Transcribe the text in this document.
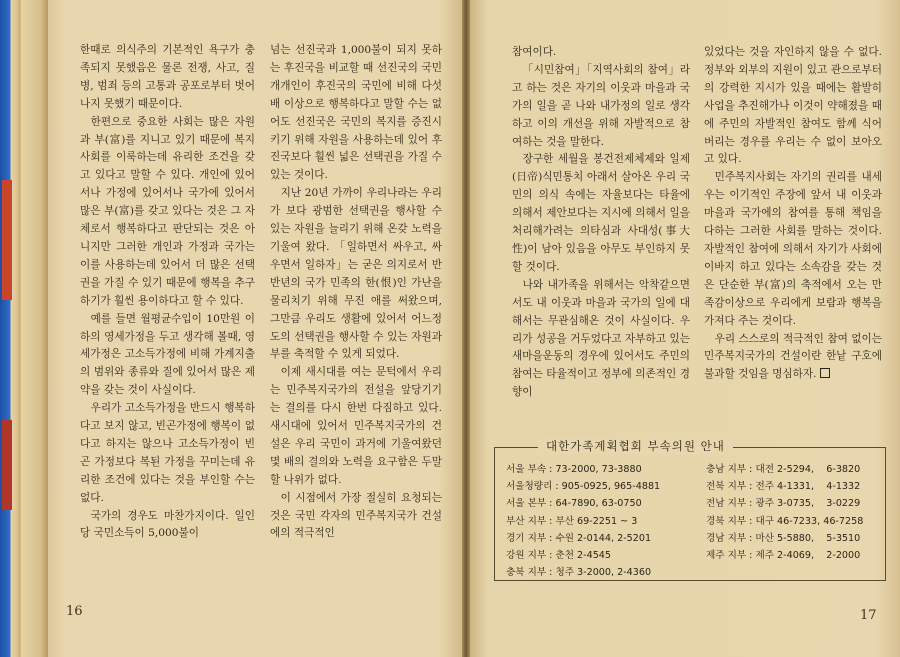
한때로 의식주의 기본적인 욕구가 충족되지 못했음은 물론 전쟁, 사고, 질병, 범죄 등의 고통과 공포로부터 벗어 나지 못했기 때문이다.

한편으로 중요한 사회는 많은 자원과 부(富)를 지니고 있기 때문에 복지사회를 이룩하는데 유리한 조건을 갖고 있다고 말할 수 있다. 개인에 있어서나 가정에 있어서나 국가에 있어서 많은 부(富)를 갖고 있다는 것은 그 자체로서 행복하다고 판단되는 것은 아니지만 그러한 개인과 가정과 국가는 이를 사용하는데 있어서 더 많은 선택권을 가질 수 있기 때문에 행복을 추구하기가 훨씬 용이하다고 할 수 있다.

예를 들면 월평균수입이 10만원 이하의 영세가정을 두고 생각해 볼때, 영세가정은 고소득가정에 비해 가계지출의 범위와 종류와 질에 있어서 많은 제약을 갖는 것이 사실이다.

우리가 고소득가정을 반드시 행복하다고 보지 않고, 빈곤가정에 행복이 없다고 하지는 않으나 고소득가정이 빈곤 가정보다 복된 가정을 꾸미는데 유리한 조건에 있다는 것을 부인할 수는 없다.

국가의 경우도 마찬가지이다. 일인당 국민소득이 5,000불이

넘는 선진국과 1,000불이 되지 못하는 후진국을 비교할 때 선진국의 국민 개개인이 후진국의 국민에 비해 다섯배 이상으로 행복하다고 말할 수는 없어도 선진국은 국민의 복지를 증진시키기 위해 자원을 사용하는데 있어 후진국보다 훨씬 넓은 선택권을 가질 수 있는 것이다.

지난 20년 가까이 우리나라는 우리가 보다 광범한 선택권을 행사할 수 있는 자원을 늘리기 위해 온갖 노력을 기울여 왔다. 「일하면서 싸우고, 싸우면서 일하자」는 굳은 의지로서 반반년의 국가 민족의 한(恨)인 가난을 물리치기 위해 무진 애를 써왔으며, 그만큼 우리도 생활에 있어서 어느정도의 선택권을 행사할 수 있는 자원과 부를 축적할 수 있게 되었다.

이제 새시대를 여는 문턱에서 우리는 민주복지국가의 전설을 앞당기기는 결의를 다시 한번 다짐하고 있다. 새시대에 있어서 민주복지국가의 건설은 우리 국민이 과거에 기울여왔던 몇 배의 결의와 노력을 요구함은 두말할 나위가 없다.

이 시점에서 가장 절실히 요청되는 것은 국민 각자의 민주복지국가 건설에의 적극적인

참여이다.

「시민참여」「지역사회의 참여」라고 하는 것은 자기의 이웃과 마을과 국가의 일을 곧 나와 내가정의 일로 생각하고 이의 개선을 위해 자발적으로 참여하는 것을 말한다.

장구한 세월을 봉건전제체제와 일제(日帝)식민통치 아래서 살아온 우리 국민의 의식 속에는 자율보다는 타율에 의해서 제안보다는 지시에 의해서 일을 처리해가려는 의타심과 사대성(事大性)이 남아 있음을 아무도 부인하지 못할 것이다.

나와 내가족을 위해서는 악착같으면서도 내 이웃과 마을과 국가의 일에 대해서는 무관심해온 것이 사실이다. 우리가 성공을 거두었다고 자부하고 있는 새마을운동의 경우에 있어서도 주민의 참여는 타율적이고 정부에 의존적인 경향이

있었다는 것을 자인하지 않을 수 없다. 정부와 외부의 지원이 있고 관으로부터의 강력한 지시가 있을 때에는 활발히 사업을 추진해가나 이것이 약해졌을 때에 주민의 자발적인 참여도 함께 식어버리는 경우를 우리는 수 없이 보아오고 있다.

민주복지사회는 자기의 권리를 내세우는 이기적인 주장에 앞서 내 이웃과 마을과 국가에의 참여를 통해 책임을 다하는 그러한 사회를 말하는 것이다. 자발적인 참여에 의해서 자기가 사회에 이바지 하고 있다는 소속감을 갖는 것은 단순한 부(富)의 축적에서 오는 만족감이상으로 우리에게 보람과 행복을 가져다 주는 것이다.

우리 스스로의 적극적인 참여 없이는 민주복지국가의 건설이란 한낱 구호에 불과할 것임을 명심하자.

16	17
대한가족계획협회 부속의원 안내
서울 부속 : 73-2000, 73-3880
서울청량리 : 905-0925, 965-4881
서울 본부 : 64-7890, 63-0750
부산 지부 : 부산 69-2251 ~ 3
경기 지부 : 수원 2-0144, 2-5201
강원 지부 : 춘천 2-4545
충북 지부 : 청주 3-2000, 2-4360
충남 지부 : 대전 2-5294,    6-3820
전북 지부 : 전주 4-1331,    4-1332
전남 지부 : 광주 3-0735,    3-0229
경북 지부 : 대구 46-7233, 46-7258
경남 지부 : 마산 5-5880,    5-3510
제주 지부 : 제주 2-4069,    2-2000
